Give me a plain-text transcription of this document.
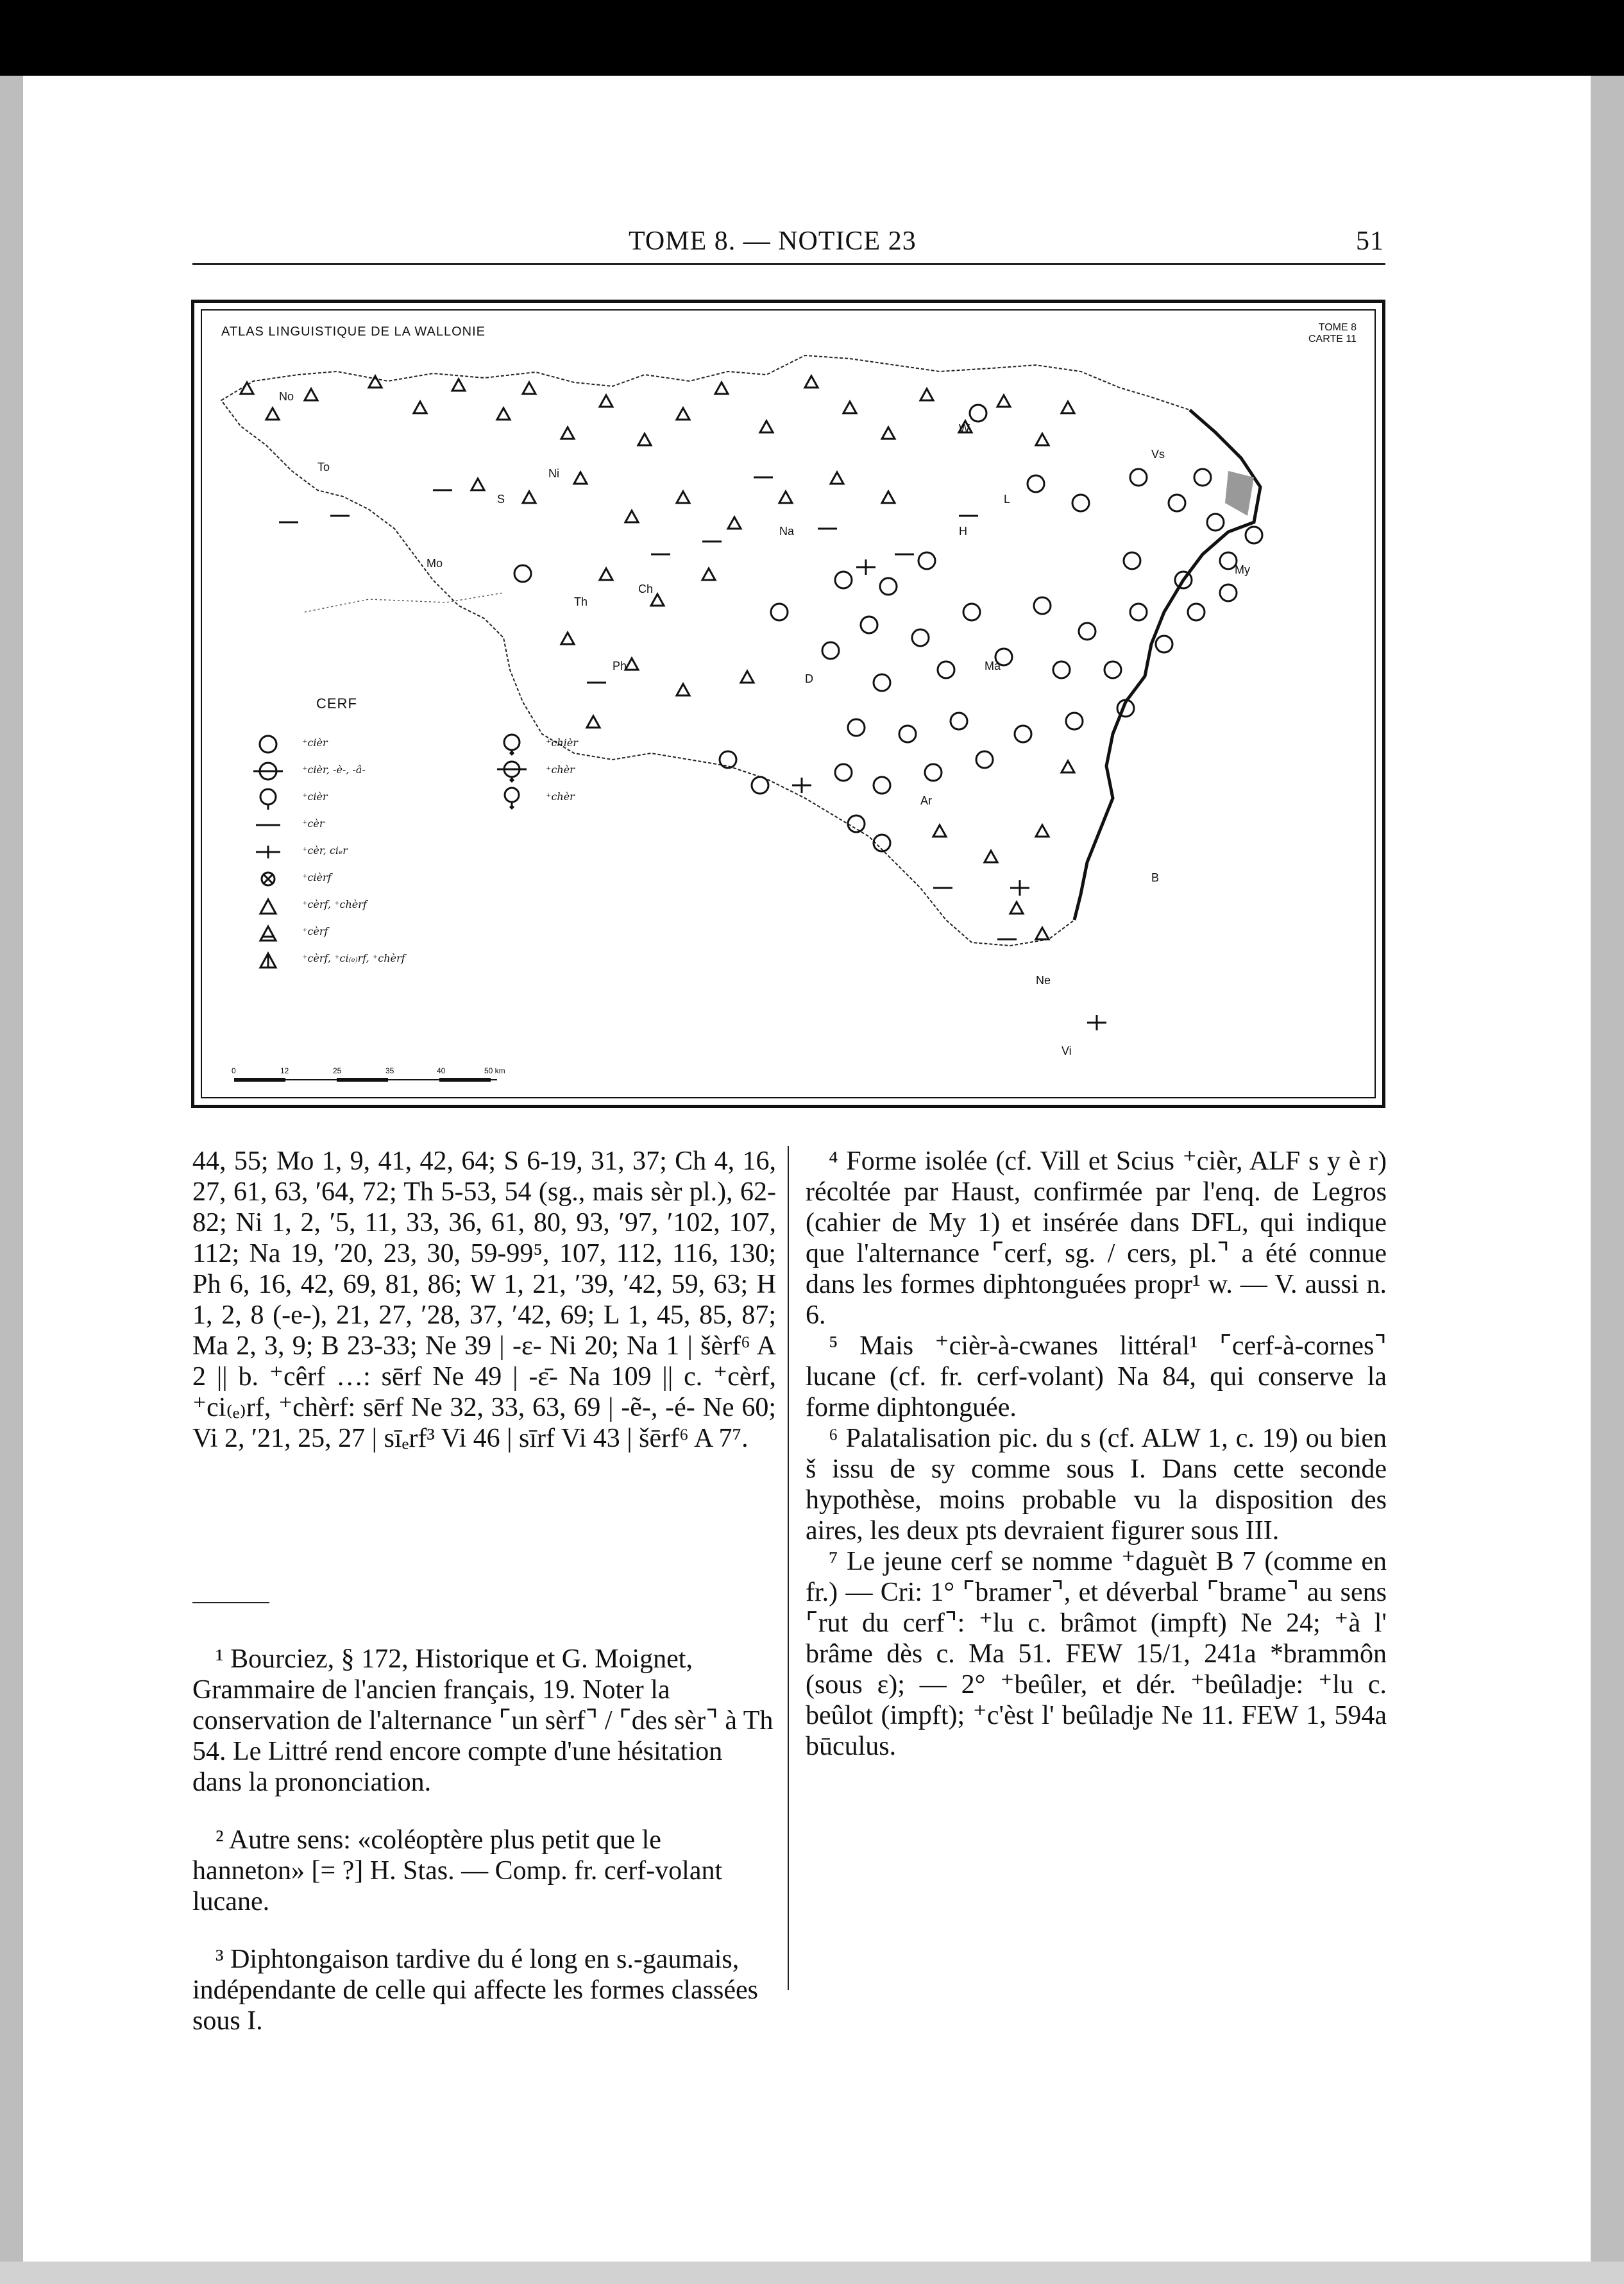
TOME 8. — NOTICE 23	51
ATLAS LINGUISTIQUE DE LA WALLONIE	TOME 8
CARTE 11
No
To
S
Ni
Mo
Ch
Th
Na
W
H
Vs
My
Ph
D
Ma
Ar
B
Ne
Vi
L
CERF
⁺cièr
⁺cièr, -è-, -â-
⁺cièr
⁺cèr
⁺cèr, ciₑr
⁺cièrf
⁺cèrf, ⁺chèrf
⁺cèrf
⁺cèrf, ⁺ci₍ₑ₎rf, ⁺chèrf
⁺chièr
⁺chèr
⁺chèr
0	12	25	35	40	50 km

44, 55; Mo 1, 9, 41, 42, 64; S 6-19, 31, 37; Ch 4, 16, 27, 61, 63, ′64, 72; Th 5-53, 54 (sg., mais sèr pl.), 62-82; Ni 1, 2, ′5, 11, 33, 36, 61, 80, 93, ′97, ′102, 107, 112; Na 19, ′20, 23, 30, 59-99⁵, 107, 112, 116, 130; Ph 6, 16, 42, 69, 81, 86; W 1, 21, ′39, ′42, 59, 63; H 1, 2, 8 (-e-), 21, 27, ′28, 37, ′42, 69; L 1, 45, 85, 87; Ma 2, 3, 9; B 23-33; Ne 39 | -ɛ- Ni 20; Na 1 | šèrf⁶ A 2 || b. ⁺cêrf …: sērf Ne 49 | -ɛ̄- Na 109 || c. ⁺cèrf, ⁺ci₍ₑ₎rf, ⁺chèrf: sērf Ne 32, 33, 63, 69 | -ẽ-, -é- Ne 60; Vi 2, ′21, 25, 27 | sīₑrf³ Vi 46 | sīrf Vi 43 | šērf⁶ A 7⁷.

¹ Bourciez, § 172, Historique et G. Moignet, Grammaire de l'ancien français, 19. Noter la conservation de l'alternance ⌜un sèrf⌝ / ⌜des sèr⌝ à Th 54. Le Littré rend encore compte d'une hésitation dans la prononciation.

² Autre sens: «coléoptère plus petit que le hanneton» [= ?] H. Stas. — Comp. fr. cerf-volant lucane.

³ Diphtongaison tardive du é long en s.-gaumais, indépendante de celle qui affecte les formes classées sous I.

⁴ Forme isolée (cf. Vill et Scius ⁺cièr, ALF s y è r) récoltée par Haust, confirmée par l'enq. de Legros (cahier de My 1) et insérée dans DFL, qui indique que l'alternance ⌜cerf, sg. / cers, pl.⌝ a été connue dans les formes diphtonguées propr¹ w. — V. aussi n. 6.

⁵ Mais ⁺cièr-à-cwanes littéral¹ ⌜cerf-à-cornes⌝ lucane (cf. fr. cerf-volant) Na 84, qui conserve la forme diphtonguée.

⁶ Palatalisation pic. du s (cf. ALW 1, c. 19) ou bien š issu de sy comme sous I. Dans cette seconde hypothèse, moins probable vu la disposition des aires, les deux pts devraient figurer sous III.

⁷ Le jeune cerf se nomme ⁺daguèt B 7 (comme en fr.) — Cri: 1° ⌜bramer⌝, et déverbal ⌜brame⌝ au sens ⌜rut du cerf⌝: ⁺lu c. brâmot (impft) Ne 24; ⁺à l' brâme dès c. Ma 51. FEW 15/1, 241a *brammôn (sous ε); — 2° ⁺beûler, et dér. ⁺beûladje: ⁺lu c. beûlot (impft); ⁺c'èst l' beûladje Ne 11. FEW 1, 594a būculus.
